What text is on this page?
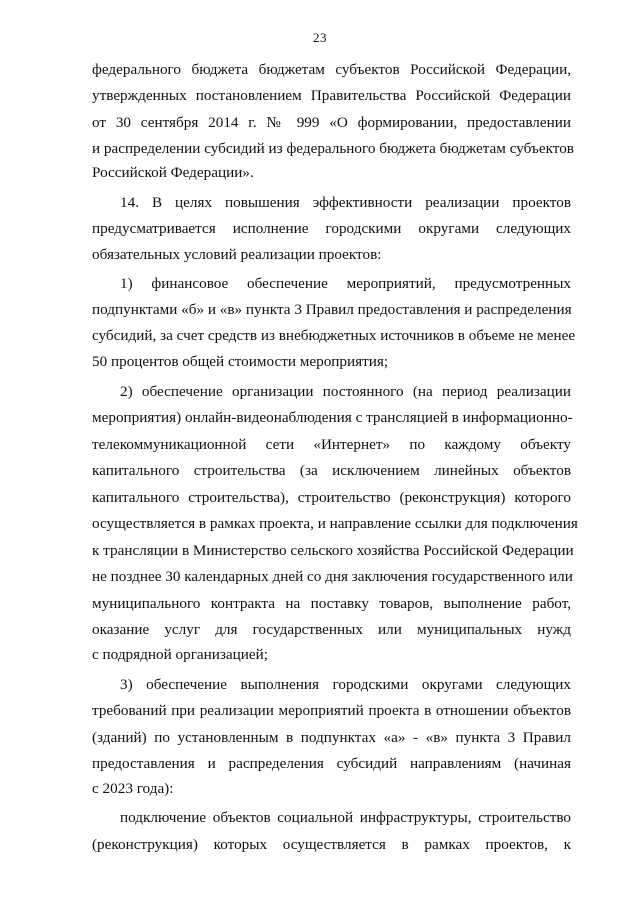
23
федерального бюджета бюджетам субъектов Российской Федерации,
утвержденных постановлением Правительства Российской Федерации
от 30 сентября 2014 г. № 999 «О формировании, предоставлении
и распределении субсидий из федерального бюджета бюджетам субъектов
Российской Федерации».
14. В целях повышения эффективности реализации проектов
предусматривается исполнение городскими округами следующих
обязательных условий реализации проектов:
1) финансовое обеспечение мероприятий, предусмотренных
подпунктами «б» и «в» пункта 3 Правил предоставления и распределения
субсидий, за счет средств из внебюджетных источников в объеме не менее
50 процентов общей стоимости мероприятия;
2) обеспечение организации постоянного (на период реализации
мероприятия) онлайн-видеонаблюдения с трансляцией в информационно-
телекоммуникационной сети «Интернет» по каждому объекту
капитального строительства (за исключением линейных объектов
капитального строительства), строительство (реконструкция) которого
осуществляется в рамках проекта, и направление ссылки для подключения
к трансляции в Министерство сельского хозяйства Российской Федерации
не позднее 30 календарных дней со дня заключения государственного или
муниципального контракта на поставку товаров, выполнение работ,
оказание услуг для государственных или муниципальных нужд
с подрядной организацией;
3) обеспечение выполнения городскими округами следующих
требований при реализации мероприятий проекта в отношении объектов
(зданий) по установленным в подпунктах «а» - «в» пункта 3 Правил
предоставления и распределения субсидий направлениям (начиная
с 2023 года):
подключение объектов социальной инфраструктуры, строительство
(реконструкция) которых осуществляется в рамках проектов, к
